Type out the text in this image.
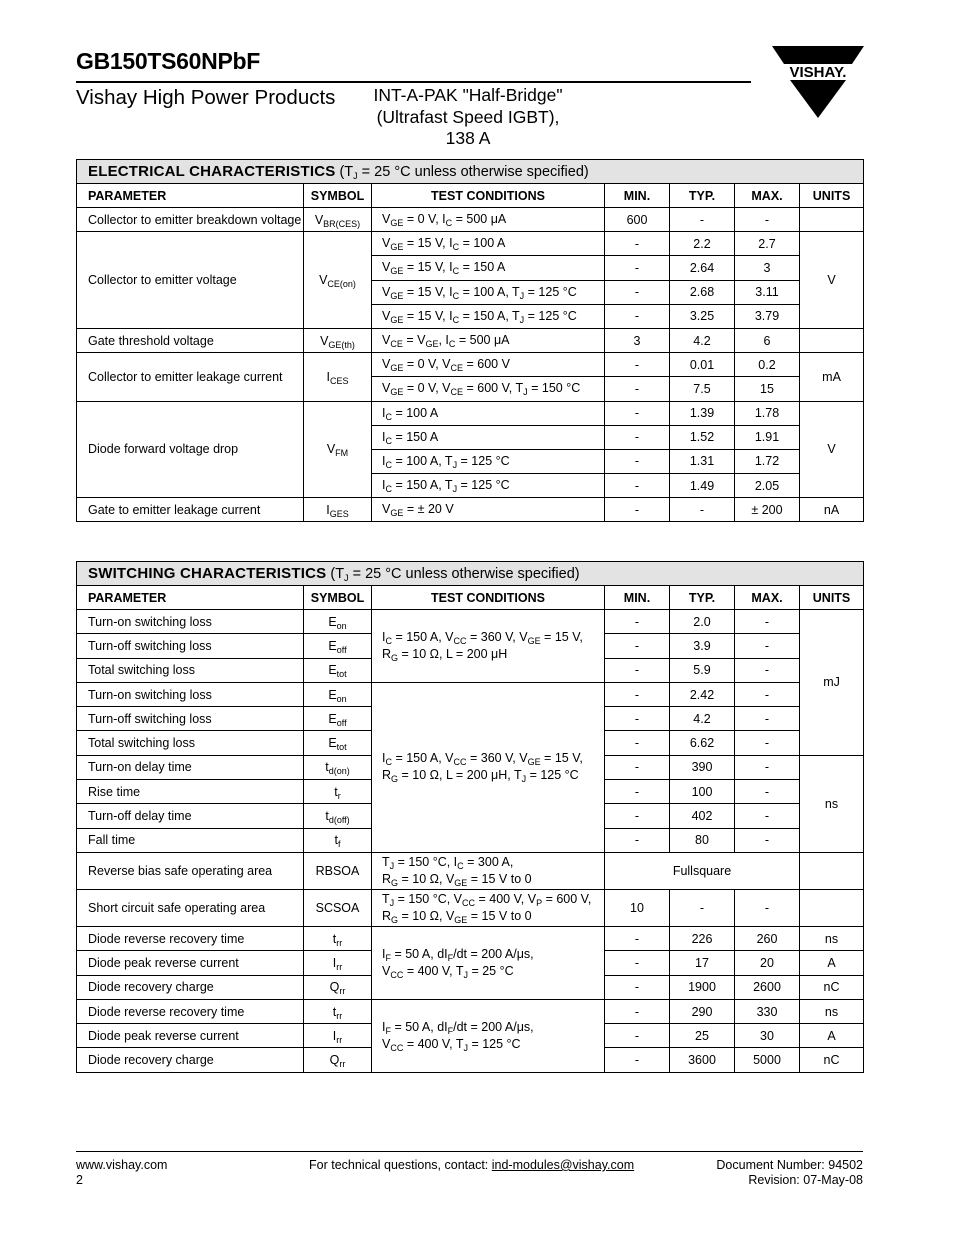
GB150TS60NPbF
Vishay High Power Products	INT-A-PAK "Half-Bridge"
(Ultrafast Speed IGBT),
138 A
VISHAY.
ELECTRICAL CHARACTERISTICS ($T_J = 25$ °C unless otherwise specified)						
PARAMETER	SYMBOL	TEST CONDITIONS	MIN.	TYP.	MAX.	UNITS
Collector to emitter breakdown voltage	$V_{BR(CES)}$	$V_{GE} = 0$ V, $I_C = 500$ μA	600	-	-	
Collector to emitter voltage	$V_{CE(on)}$	$V_{GE} = 15$ V, $I_C = 100$ A	-	2.2	2.7	V
		$V_{GE} = 15$ V, $I_C = 150$ A	-	2.64	3	
		$V_{GE} = 15$ V, $I_C = 100$ A, $T_J = 125$ °C	-	2.68	3.11	
		$V_{GE} = 15$ V, $I_C = 150$ A, $T_J = 125$ °C	-	3.25	3.79	
Gate threshold voltage	$V_{GE(th)}$	$V_{CE} = V_{GE}$, $I_C = 500$ μA	3	4.2	6	
Collector to emitter leakage current	$I_{CES}$	$V_{GE} = 0$ V, $V_{CE} = 600$ V	-	0.01	0.2	mA
		$V_{GE} = 0$ V, $V_{CE} = 600$ V, $T_J = 150$ °C	-	7.5	15	
Diode forward voltage drop	$V_{FM}$	$I_C = 100$ A	-	1.39	1.78	V
		$I_C = 150$ A	-	1.52	1.91	
		$I_C = 100$ A, $T_J = 125$ °C	-	1.31	1.72	
		$I_C = 150$ A, $T_J = 125$ °C	-	1.49	2.05	
Gate to emitter leakage current	$I_{GES}$	$V_{GE}$ = ± 20 V	-	-	± 200	nA
SWITCHING CHARACTERISTICS ($T_J = 25$ °C unless otherwise specified)						
PARAMETER	SYMBOL	TEST CONDITIONS	MIN.	TYP.	MAX.	UNITS
Turn-on switching loss	$E_{on}$	$I_C = 150$ A, $V_{CC} = 360$ V, $V_{GE} = 15$ V,
$R_G = 10$ Ω, L = 200 μH	-	2.0	-	mJ
Turn-off switching loss	$E_{off}$		-	3.9	-	
Total switching loss	$E_{tot}$		-	5.9	-	
Turn-on switching loss	$E_{on}$	$I_C = 150$ A, $V_{CC} = 360$ V, $V_{GE} = 15$ V,
$R_G = 10$ Ω, L = 200 μH, $T_J = 125$ °C	-	2.42	-	
Turn-off switching loss	$E_{off}$		-	4.2	-	
Total switching loss	$E_{tot}$		-	6.62	-	
Turn-on delay time	$t_{d(on)}$		-	390	-	ns
Rise time	$t_r$		-	100	-	
Turn-off delay time	$t_{d(off)}$		-	402	-	
Fall time	$t_f$		-	80	-	
Reverse bias safe operating area	RBSOA	$T_J = 150$ °C, $I_C = 300$ A,
$R_G = 10$ Ω, $V_{GE} = 15$ V to 0	Fullsquare			
Short circuit safe operating area	SCSOA	$T_J = 150$ °C, $V_{CC} = 400$ V, $V_P = 600$ V,
$R_G = 10$ Ω, $V_{GE} = 15$ V to 0	10	-	-	
Diode reverse recovery time	$t_{rr}$	$I_F = 50$ A, $dI_F/dt = 200$ A/μs,
$V_{CC} = 400$ V, $T_J = 25$ °C	-	226	260	ns
Diode peak reverse current	$I_{rr}$		-	17	20	A
Diode recovery charge	$Q_{rr}$		-	1900	2600	nC
Diode reverse recovery time	$t_{rr}$	$I_F = 50$ A, $dI_F/dt = 200$ A/μs,
$V_{CC} = 400$ V, $T_J = 125$ °C	-	290	330	ns
Diode peak reverse current	$I_{rr}$		-	25	30	A
Diode recovery charge	$Q_{rr}$		-	3600	5000	nC
www.vishay.com
2
For technical questions, contact: ind-modules@vishay.com	Document Number: 94502
Revision: 07-May-08
